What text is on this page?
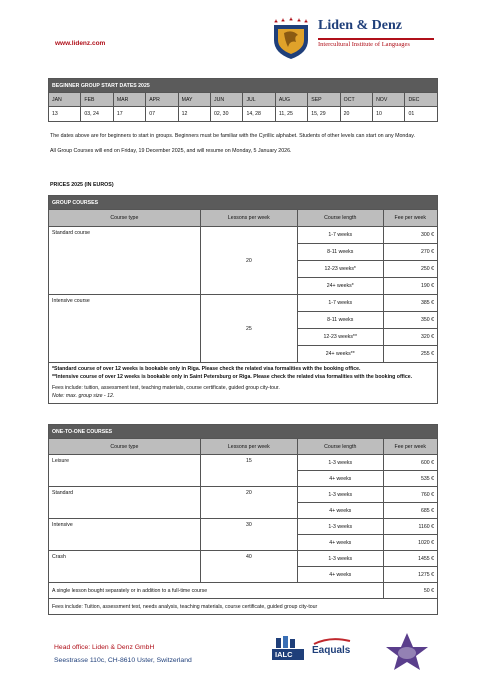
www.lidenz.com
Liden & Denz
Intercultural Institute of Languages
BEGINNER GROUP START DATES 2025											
JAN	FEB	MAR	APR	MAY	JUN	JUL	AUG	SEP	OCT	NOV	DEC
13	03, 24	17	07	12	02, 30	14, 28	11, 25	15, 29	20	10	01
The dates above are for beginners to start in groups. Beginners must be familiar with the Cyrillic alphabet. Students of other levels can start on any Monday.
All Group Courses will end on Friday, 19 December 2025, and will resume on Monday, 5 January 2026.
PRICES 2025 (IN EUROS)
GROUP COURSES			
Course type	Lessons per week	Course length	Fee per week
Standard course	20	1-7 weeks	300 €
		8-11 weeks	270 €
		12-23 weeks*	250 €
		24+ weeks*	190 €
Intensive course	25	1-7 weeks	385 €
		8-11 weeks	350 €
		12-23 weeks**	320 €
		24+ weeks**	255 €

*Standard course of over 12 weeks is bookable only in Riga. Please check the related visa formalities with the booking office.
**Intensive course of over 12 weeks is bookable only in Saint Petersburg or Riga. Please check the related visa formalities with the booking office.
Fees include: tuition, assessment test, teaching materials, course certificate, guided group city-tour.
Note: max. group size - 12.			
ONE-TO-ONE COURSES			
Course type	Lessons per week	Course length	Fee per week
Leisure	15	1-3 weeks	600 €
		4+ weeks	535 €
Standard	20	1-3 weeks	760 €
		4+ weeks	685 €
Intensive	30	1-3 weeks	1160 €
		4+ weeks	1020 €
Crash	40	1-3 weeks	1455 €
		4+ weeks	1275 €
A single lesson bought separately or in addition to a full-time course			50 €
Fees include: Tuition, assessment test, needs analysis, teaching materials, course certificate, guided group city-tour			
Head office: Liden & Denz GmbH
Seestrasse 110c, CH-8610 Uster, Switzerland
IALC Eaquals
